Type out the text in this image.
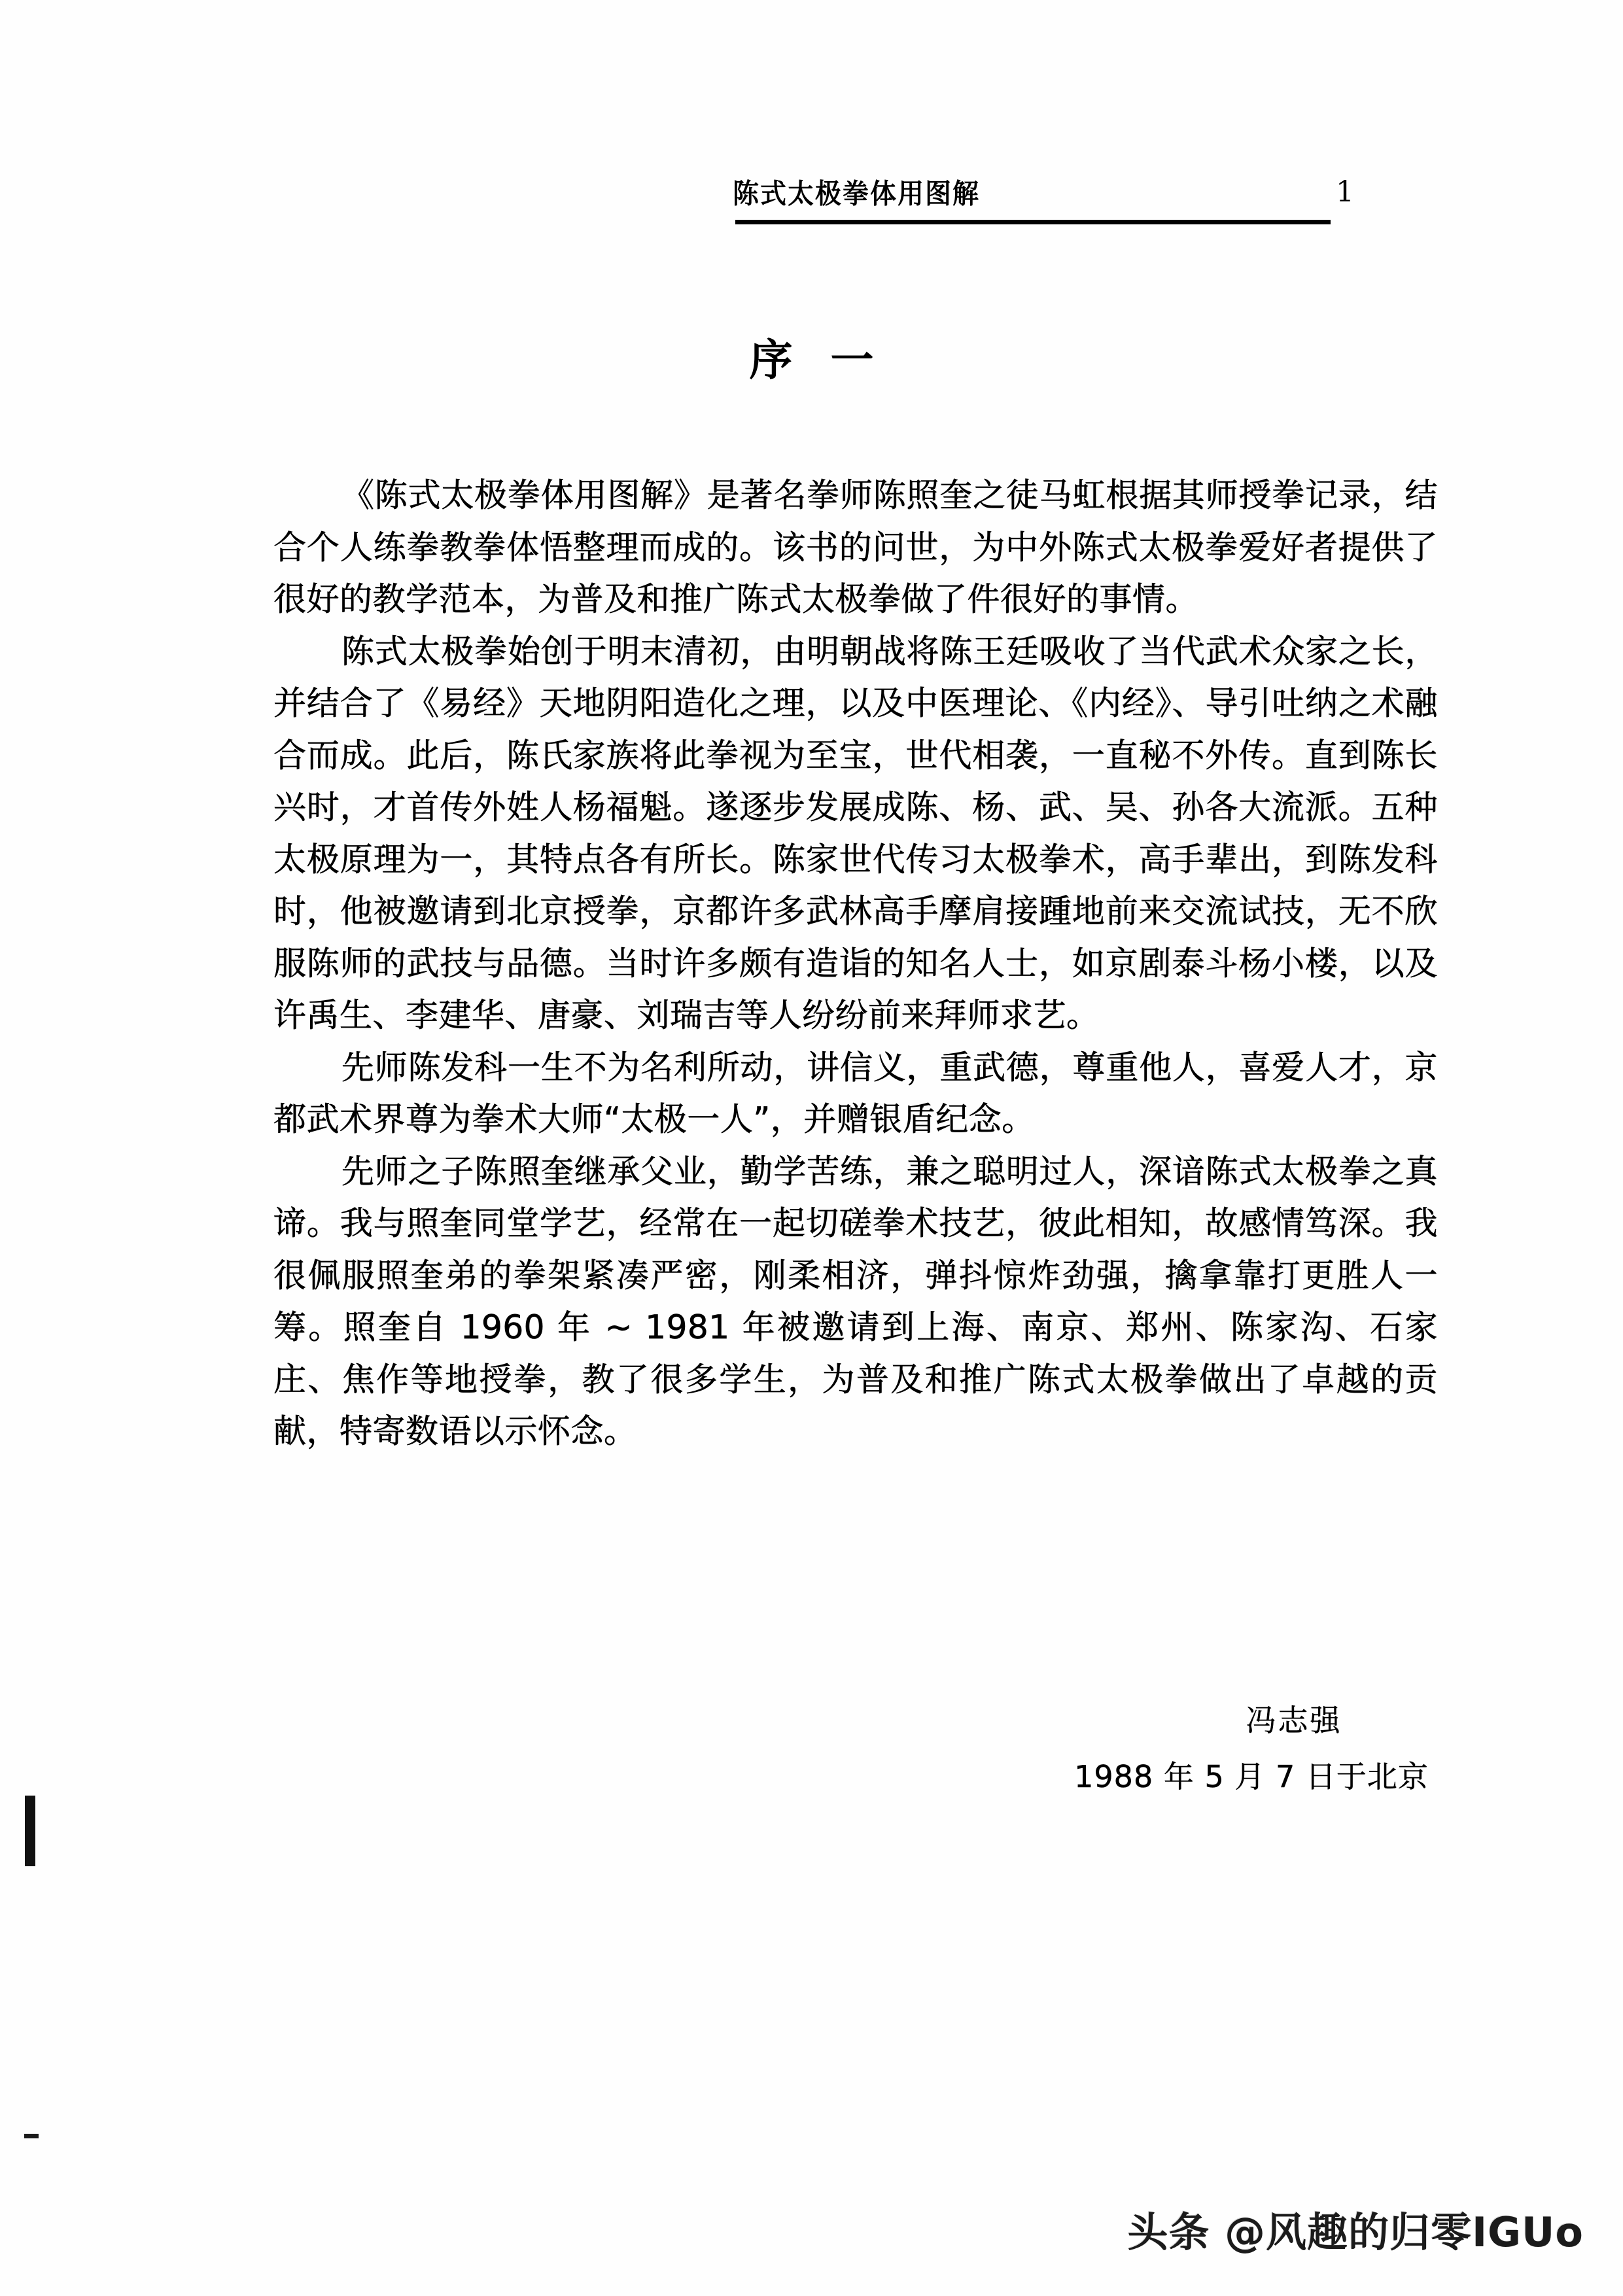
陈式太极拳体用图解	1
序一

《陈式太极拳体用图解》是著名拳师陈照奎之徒马虹根据其师授拳记录，结合个人练拳教拳体悟整理而成的。该书的问世，为中外陈式太极拳爱好者提供了很好的教学范本，为普及和推广陈式太极拳做了件很好的事情。

陈式太极拳始创于明末清初，由明朝战将陈王廷吸收了当代武术众家之长，并结合了《易经》天地阴阳造化之理，以及中医理论、《内经》、导引吐纳之术融合而成。此后，陈氏家族将此拳视为至宝，世代相袭，一直秘不外传。直到陈长兴时，才首传外姓人杨福魁。遂逐步发展成陈、杨、武、吴、孙各大流派。五种太极原理为一，其特点各有所长。陈家世代传习太极拳术，高手辈出，到陈发科时，他被邀请到北京授拳，京都许多武林高手摩肩接踵地前来交流试技，无不欣服陈师的武技与品德。当时许多颇有造诣的知名人士，如京剧泰斗杨小楼，以及许禹生、李建华、唐豪、刘瑞吉等人纷纷前来拜师求艺。

先师陈发科一生不为名利所动，讲信义，重武德，尊重他人，喜爱人才，京都武术界尊为拳术大师“太极一人”，并赠银盾纪念。

先师之子陈照奎继承父业，勤学苦练，兼之聪明过人，深谙陈式太极拳之真谛。我与照奎同堂学艺，经常在一起切磋拳术技艺，彼此相知，故感情笃深。我很佩服照奎弟的拳架紧凑严密，刚柔相济，弹抖惊炸劲强，擒拿靠打更胜人一筹。照奎自 1960 年 ~ 1981 年被邀请到上海、南京、郑州、陈家沟、石家庄、焦作等地授拳，教了很多学生，为普及和推广陈式太极拳做出了卓越的贡献，特寄数语以示怀念。

冯志强
1988 年 5 月 7 日于北京
头条 @风趣的归零IGUo
